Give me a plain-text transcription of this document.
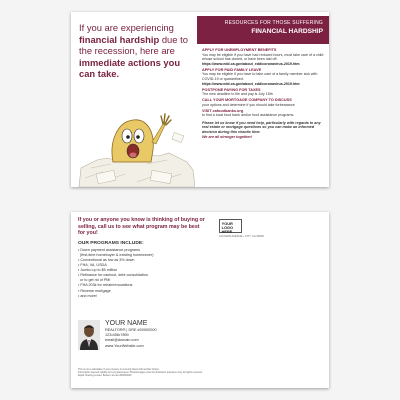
If you are experiencing financial hardship due to the recession, here are immediate actions you can take.
RESOURCES FOR THOSE SUFFERING
FINANCIAL HARDSHIP
APPLY FOR UNEMPLOYMENT BENEFITS
You may be eligible if you have had reduced hours, must take care of a child whose school has closed, or have been laid off.
https://www.edd.ca.gov/about_edd/coronavirus-2019.htm
APPLY FOR PAID FAMILY LEAVE
You may be eligible if you have to take care of a family member sick with COVID-19 or quarantined.
https://www.edd.ca.gov/about_edd/coronavirus-2019.htm
POSTPONE PAYING FOR TAXES
The new deadline to file and pay is July 15th
CALL YOUR MORTGAGE COMPANY TO DISCUSS
your options and determine if you should take forbearance
VISIT cafoodbanks.org
to find a local food bank and/or food assistance programs.
Please let us know if you need help, particularly with regards to any real estate or mortgage questions so you can make an informed decision during this chaotic time.
We are all stronger together!
If you or anyone you know is thinking of buying or selling, call us to see what program may be best for you!
OUR PROGRAMS INCLUDE:
• Down payment assistance programs
(first-time homebuyer & existing homeowner)
• Conventional as low as 3% down
• FHA, VA, USDA
• Jumbo up to $5 million
• Refinance for cashout, debt consolidation
or to get rid of PMI
• FHA 203k for rehab/renovations
• Reverse mortgage
• and more!
YOUR NAME
REALTOR® | DRE #00000000
123•456•7890
email@domain.com
www.YourWebsite.com
This is not a solicitation if your property is currently listed with another broker.
Information deemed reliable but not guaranteed. Photos/images used for illustration purposes only. All rights reserved.
Equal Housing Lender. Broker License #00000000
YOUR
LOGO
HERE
123 MAIN AVENUE • CITY, CA 00000
